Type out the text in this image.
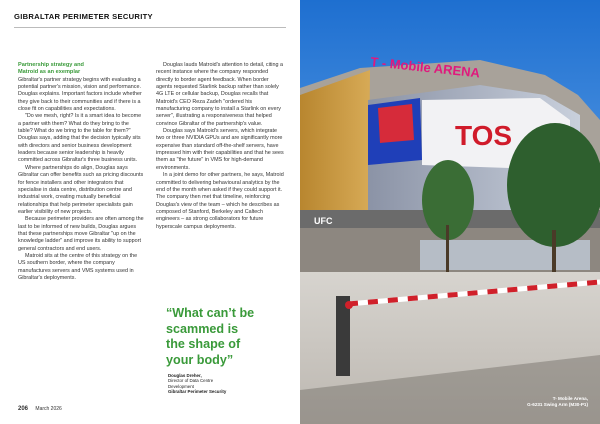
GIBRALTAR PERIMETER SECURITY
Partnership strategy and
Matroid as an exemplar

Gibraltar's partner strategy begins with evaluating a potential partner's mission, vision and performance. Douglas explains. Important factors include whether they give back to their communities and if there is a close fit on capabilities and expectations.

"Do we mesh, right? Is it a smart idea to become a partner with them? What do they bring to the table? What do we bring to the table for them?" Douglas says, adding that the decision typically sits with directors and senior business development leaders because senior leadership is heavily committed across Gibraltar's three business units.

Where partnerships do align, Douglas says Gibraltar can offer benefits such as pricing discounts for fence installers and other integrators that specialise in data centre, distribution centre and industrial work, creating mutually beneficial relationships that help perimeter specialists gain earlier visibility of new projects.

Because perimeter providers are often among the last to be informed of new builds, Douglas argues that these partnerships move Gibraltar "up on the knowledge ladder" and improve its ability to support general contractors and end users.

Matroid sits at the centre of this strategy on the US southern border, where the company manufactures servers and VMS systems used in Gibraltar's deployments.

Douglas lauds Matroid's attention to detail, citing a recent instance where the company responded directly to border agent feedback. When border agents requested Starlink backup rather than solely 4G LTE or cellular backup, Douglas recalls that Matroid's CEO Reza Zadeh "ordered his manufacturing company to install a Starlink on every server", illustrating a responsiveness that helped convince Gibraltar of the partnership's value.

Douglas says Matroid's servers, which integrate two or three NVIDIA GPUs and are significantly more expensive than standard off-the-shelf servers, have impressed him with their capabilities and that he sees them as "the future" in VMS for high-demand environments.

In a joint demo for other partners, he says, Matroid committed to delivering behavioural analytics by the end of the month when asked if they could support it. The company then met that timeline, reinforcing Douglas's view of the team – which he describes as composed of Stanford, Berkeley and Caltech engineers – as strong collaborators for future hyperscale campus deployments.

“What can’t be
scammed is
the shape of
your body”
Douglas Dreher,
Director of Data Centre
Development
Gibraltar Perimeter Security
206 March 2026
TOS
T - Mobile ARENA
UFC
T- Mobile Arena,
G-6231 Swing Arm (M30-P1)
